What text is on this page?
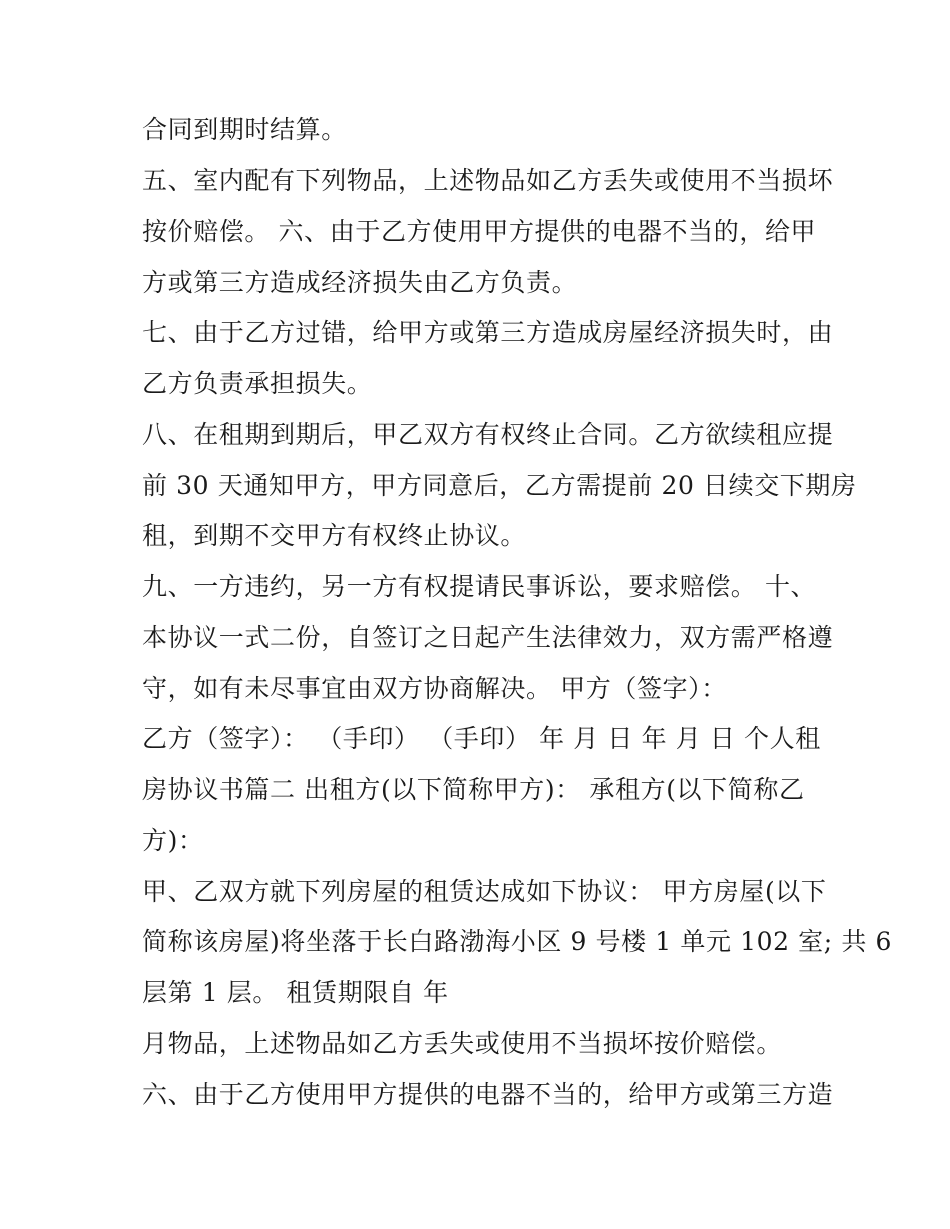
合同到期时结算。
五、室内配有下列物品，上述物品如乙方丢失或使用不当损坏
按价赔偿。 六、由于乙方使用甲方提供的电器不当的，给甲
方或第三方造成经济损失由乙方负责。
七、由于乙方过错，给甲方或第三方造成房屋经济损失时，由
乙方负责承担损失。
八、在租期到期后，甲乙双方有权终止合同。乙方欲续租应提
前 30 天通知甲方，甲方同意后，乙方需提前 20 日续交下期房
租，到期不交甲方有权终止协议。
九、一方违约，另一方有权提请民事诉讼，要求赔偿。 十、
本协议一式二份，自签订之日起产生法律效力，双方需严格遵
守，如有未尽事宜由双方协商解决。 甲方（签字）：
乙方（签字）： （手印） （手印） 年 月 日 年 月 日 个人租
房协议书篇二 出租方(以下简称甲方)： 承租方(以下简称乙
方)：
甲、乙双方就下列房屋的租赁达成如下协议： 甲方房屋(以下
简称该房屋)将坐落于长白路渤海小区 9 号楼 1 单元 102 室; 共 6
层第 1 层。 租赁期限自 年
月物品，上述物品如乙方丢失或使用不当损坏按价赔偿。
六、由于乙方使用甲方提供的电器不当的，给甲方或第三方造
